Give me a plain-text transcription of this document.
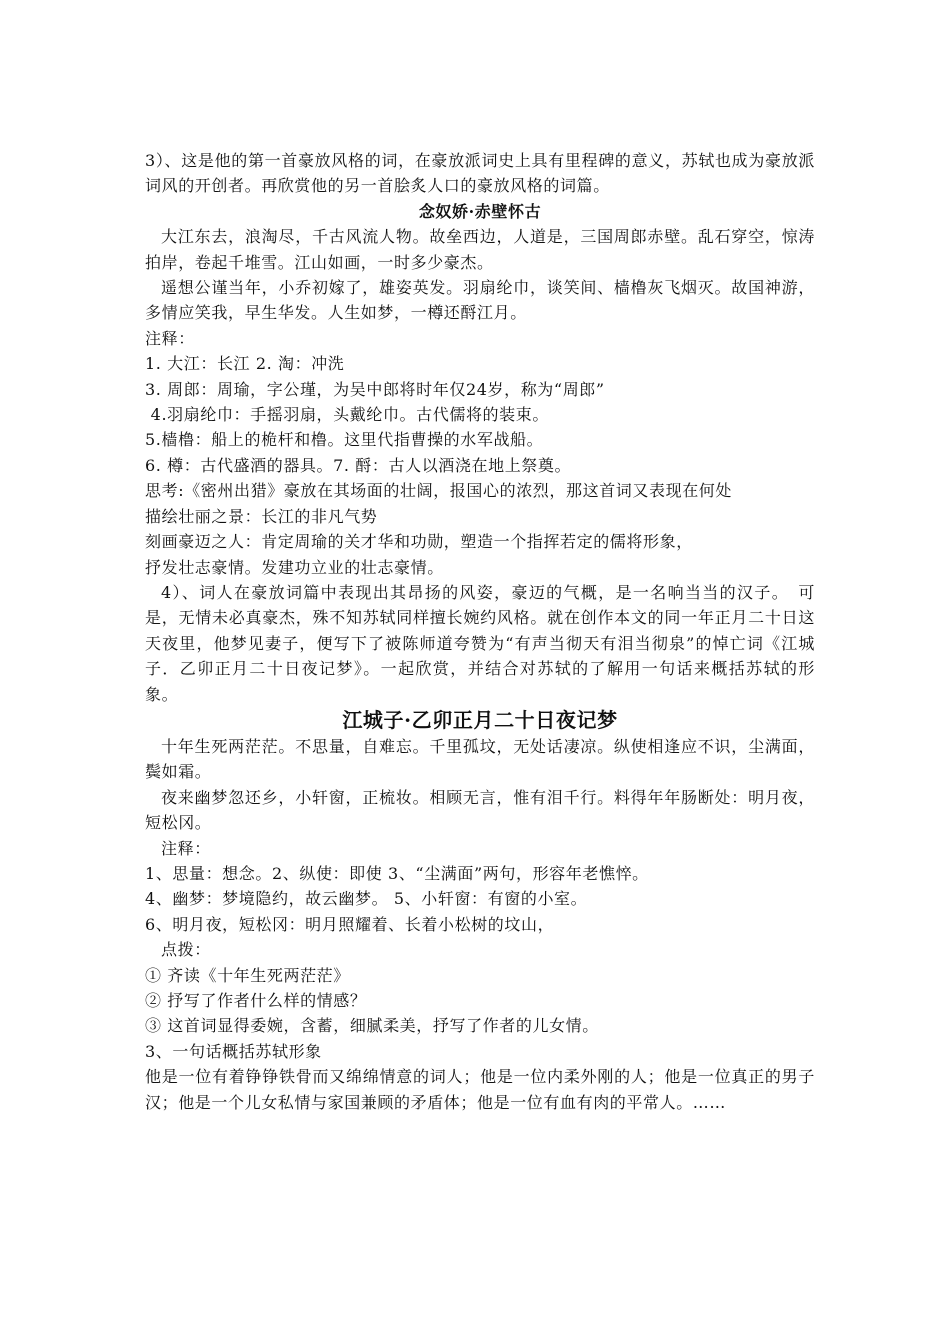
3）、这是他的第一首豪放风格的词，在豪放派词史上具有里程碑的意义，苏轼也成为豪放派词风的开创者。再欣赏他的另一首脍炙人口的豪放风格的词篇。

念奴娇·赤壁怀古

大江东去，浪淘尽，千古风流人物。故垒西边，人道是，三国周郎赤壁。乱石穿空，惊涛拍岸，卷起千堆雪。江山如画，一时多少豪杰。

遥想公谨当年，小乔初嫁了，雄姿英发。羽扇纶巾，谈笑间、樯橹灰飞烟灭。故国神游，多情应笑我，早生华发。人生如梦，一樽还酹江月。

注释：

1. 大江：长江 2. 淘：冲洗

3. 周郎：周瑜，字公瑾，为吴中郎将时年仅24岁，称为“周郎”

4.羽扇纶巾：手摇羽扇，头戴纶巾。古代儒将的装束。

5.樯橹：船上的桅杆和橹。这里代指曹操的水军战船。

6. 樽：古代盛酒的器具。7. 酹：古人以酒浇在地上祭奠。

思考:《密州出猎》豪放在其场面的壮阔，报国心的浓烈，那这首词又表现在何处

描绘壮丽之景：长江的非凡气势

刻画豪迈之人：肯定周瑜的关才华和功勋，塑造一个指挥若定的儒将形象，

抒发壮志豪情。发建功立业的壮志豪情。

4）、词人在豪放词篇中表现出其昂扬的风姿，豪迈的气概，是一名响当当的汉子。　可是，无情未必真豪杰，殊不知苏轼同样擅长婉约风格。就在创作本文的同一年正月二十日这天夜里，他梦见妻子，便写下了被陈师道夸赞为“有声当彻天有泪当彻泉”的悼亡词《江城子．乙卯正月二十日夜记梦》。一起欣赏，并结合对苏轼的了解用一句话来概括苏轼的形象。

江城子·乙卯正月二十日夜记梦

十年生死两茫茫。不思量，自难忘。千里孤坟，无处话凄凉。纵使相逢应不识，尘满面，鬓如霜。

夜来幽梦忽还乡，小轩窗，正梳妆。相顾无言，惟有泪千行。料得年年肠断处：明月夜，短松冈。

注释：

1、思量：想念。2、纵使：即使 3、“尘满面”两句，形容年老憔悴。

4、幽梦：梦境隐约，故云幽梦。 5、小轩窗：有窗的小室。

6、明月夜，短松冈：明月照耀着、长着小松树的坟山，

点拨：

① 齐读《十年生死两茫茫》

② 抒写了作者什么样的情感？

③ 这首词显得委婉，含蓄，细腻柔美，抒写了作者的儿女情。

3、一句话概括苏轼形象

他是一位有着铮铮铁骨而又绵绵情意的词人；他是一位内柔外刚的人；他是一位真正的男子汉；他是一个儿女私情与家国兼顾的矛盾体；他是一位有血有肉的平常人。……
